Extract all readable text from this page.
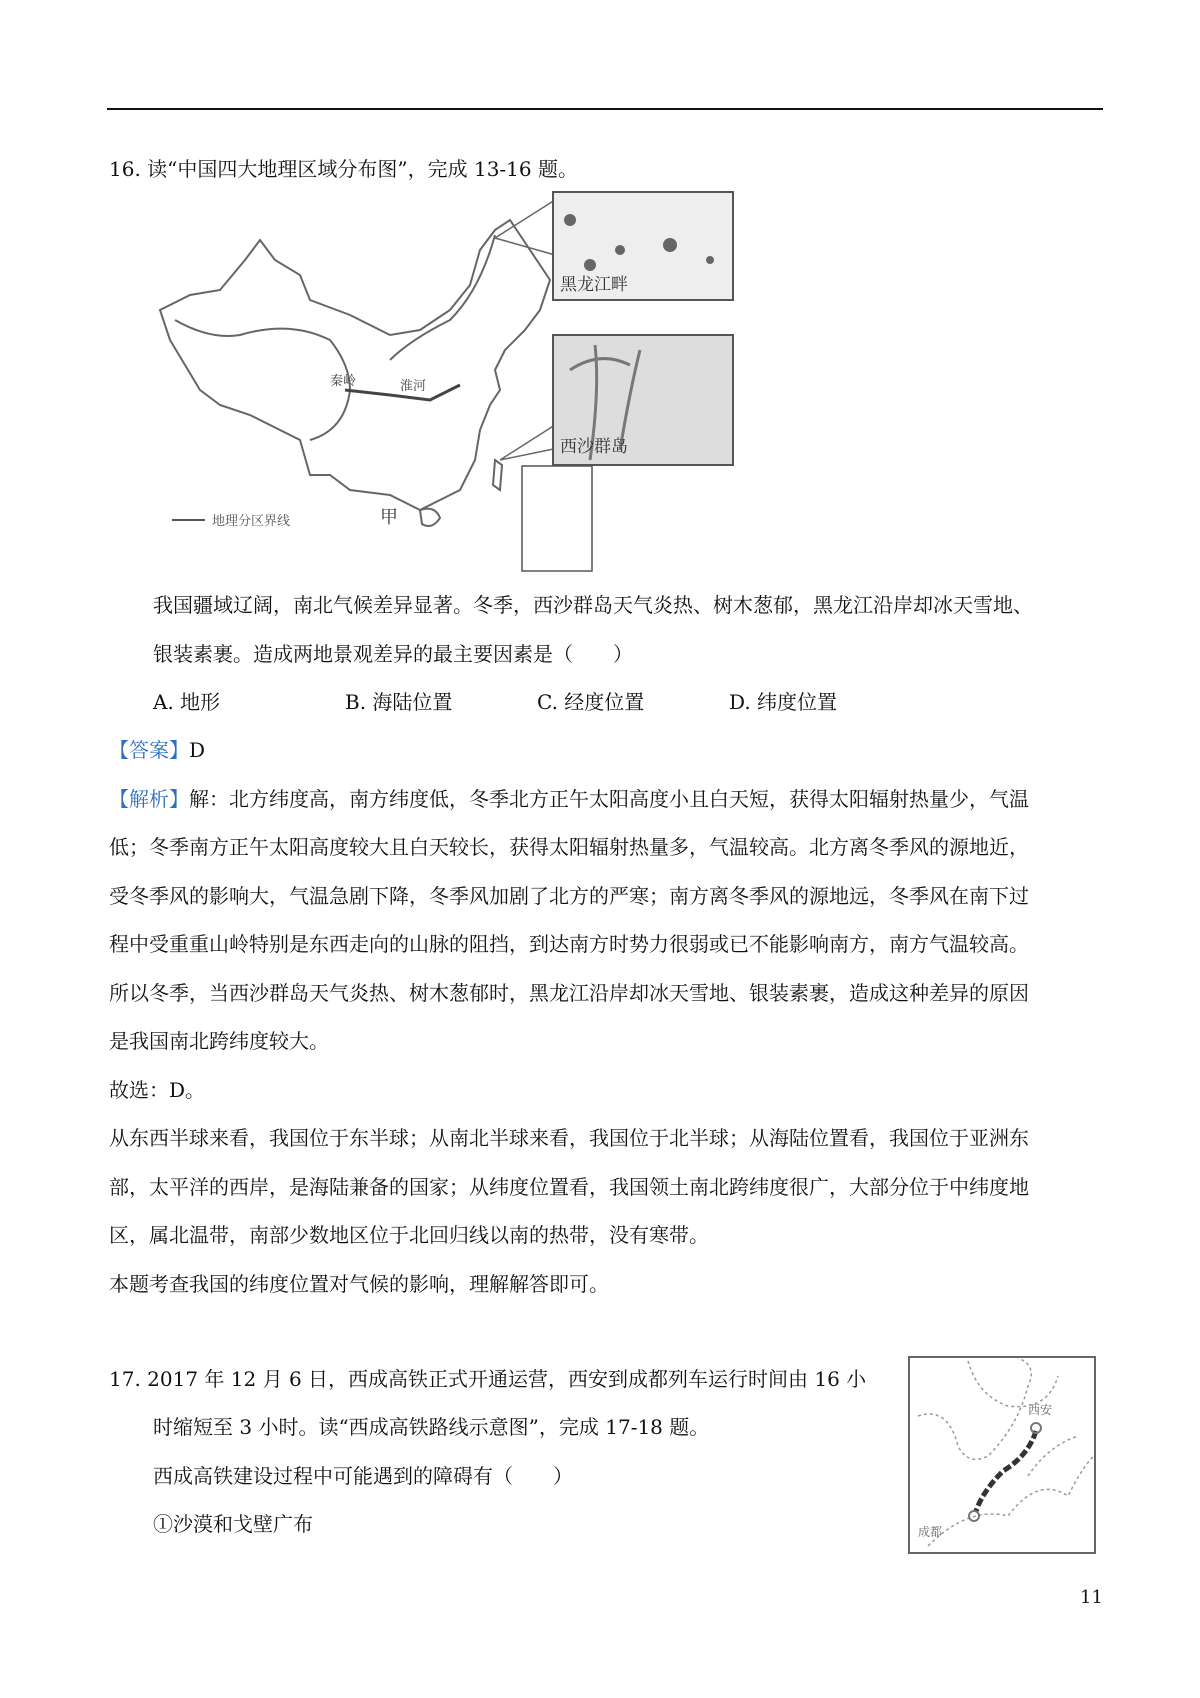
16. 读“中国四大地理区域分布图”，完成 13-16 题。
秦岭	淮河
甲
地理分区界线
黑龙江畔
西沙群岛
我国疆域辽阔，南北气候差异显著。冬季，西沙群岛天气炎热、树木葱郁，黑龙江沿岸却冰天雪地、
银装素裹。造成两地景观差异的最主要因素是（　　）
A. 地形	B. 海陆位置	C. 经度位置	D. 纬度位置
【答案】D
【解析】解：北方纬度高，南方纬度低，冬季北方正午太阳高度小且白天短，获得太阳辐射热量少，气温
低；冬季南方正午太阳高度较大且白天较长，获得太阳辐射热量多，气温较高。北方离冬季风的源地近，
受冬季风的影响大，气温急剧下降，冬季风加剧了北方的严寒；南方离冬季风的源地远，冬季风在南下过
程中受重重山岭特别是东西走向的山脉的阻挡，到达南方时势力很弱或已不能影响南方，南方气温较高。
所以冬季，当西沙群岛天气炎热、树木葱郁时，黑龙江沿岸却冰天雪地、银装素裹，造成这种差异的原因
是我国南北跨纬度较大。
故选：D。
从东西半球来看，我国位于东半球；从南北半球来看，我国位于北半球；从海陆位置看，我国位于亚洲东
部，太平洋的西岸，是海陆兼备的国家；从纬度位置看，我国领土南北跨纬度很广，大部分位于中纬度地
区，属北温带，南部少数地区位于北回归线以南的热带，没有寒带。
本题考查我国的纬度位置对气候的影响，理解解答即可。
17. 2017 年 12 月 6 日，西成高铁正式开通运营，西安到成都列车运行时间由 16 小
时缩短至 3 小时。读“西成高铁路线示意图”，完成 17-18 题。
西成高铁建设过程中可能遇到的障碍有（　　）
①沙漠和戈壁广布
西安
成都
11
